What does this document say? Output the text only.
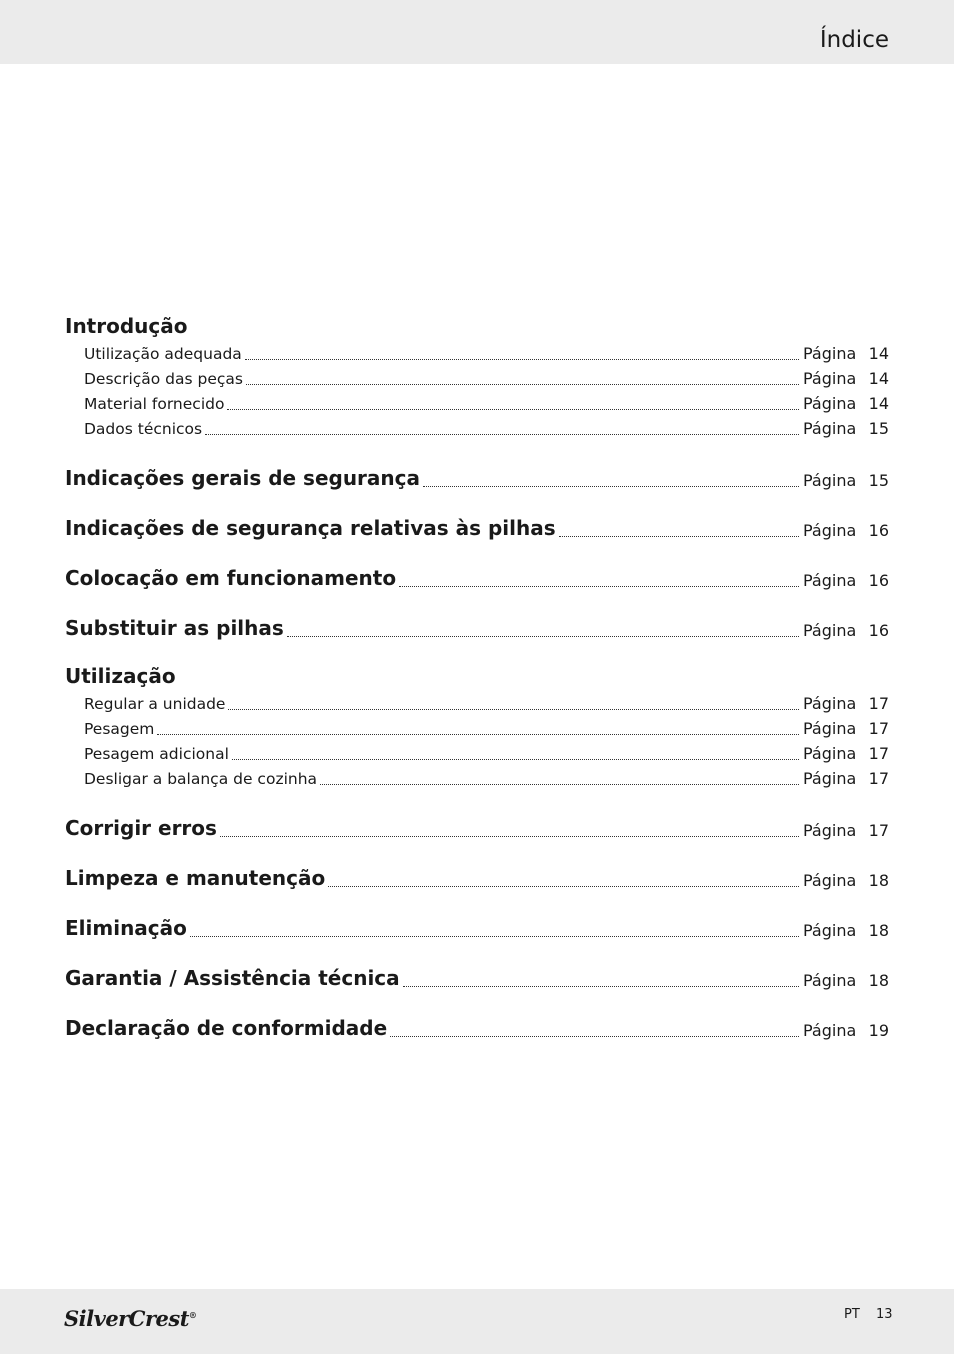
Índice
Introdução
Utilização adequada	Página 14
Descrição das peças	Página 14
Material fornecido	Página 14
Dados técnicos	Página 15
Indicações gerais de segurança	Página 15
Indicações de segurança relativas às pilhas	Página 16
Colocação em funcionamento	Página 16
Substituir as pilhas	Página 16
Utilização
Regular a unidade	Página 17
Pesagem	Página 17
Pesagem adicional	Página 17
Desligar a balança de cozinha	Página 17
Corrigir erros	Página 17
Limpeza e manutenção	Página 18
Eliminação	Página 18
Garantia / Assistência técnica	Página 18
Declaração de conformidade	Página 19
SilverCrest®	PT 13
